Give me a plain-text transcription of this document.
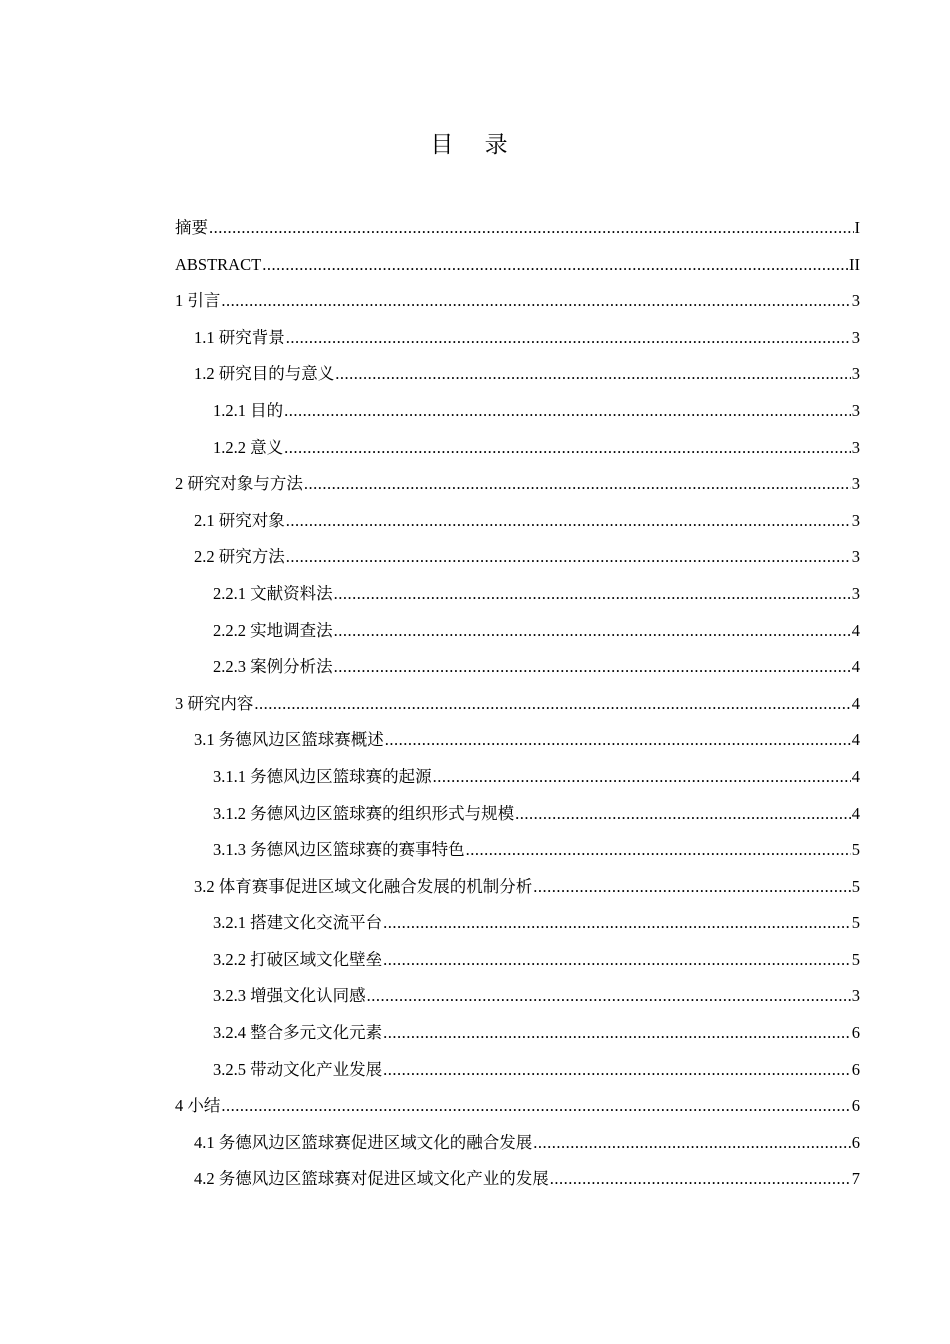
目 录
摘要 .....	I
ABSTRACT .....	II
1 引言 .....	3
1.1 研究背景 .....	3
1.2 研究目的与意义 .....	3
1.2.1 目的 .....	3
1.2.2 意义 .....	3
2 研究对象与方法 .....	3
2.1 研究对象 .....	3
2.2 研究方法 .....	3
2.2.1 文献资料法 .....	3
2.2.2 实地调查法 .....	4
2.2.3 案例分析法 .....	4
3 研究内容 .....	4
3.1 务德风边区篮球赛概述 .....	4
3.1.1 务德风边区篮球赛的起源 .....	4
3.1.2 务德风边区篮球赛的组织形式与规模 .....	4
3.1.3 务德风边区篮球赛的赛事特色 .....	5
3.2 体育赛事促进区域文化融合发展的机制分析 .....	5
3.2.1 搭建文化交流平台 .....	5
3.2.2 打破区域文化壁垒 .....	5
3.2.3 增强文化认同感 .....	3
3.2.4 整合多元文化元素 .....	6
3.2.5 带动文化产业发展 .....	6
4 小结 .....	6
4.1 务德风边区篮球赛促进区域文化的融合发展 .....	6
4.2 务德风边区篮球赛对促进区域文化产业的发展 .....	7
